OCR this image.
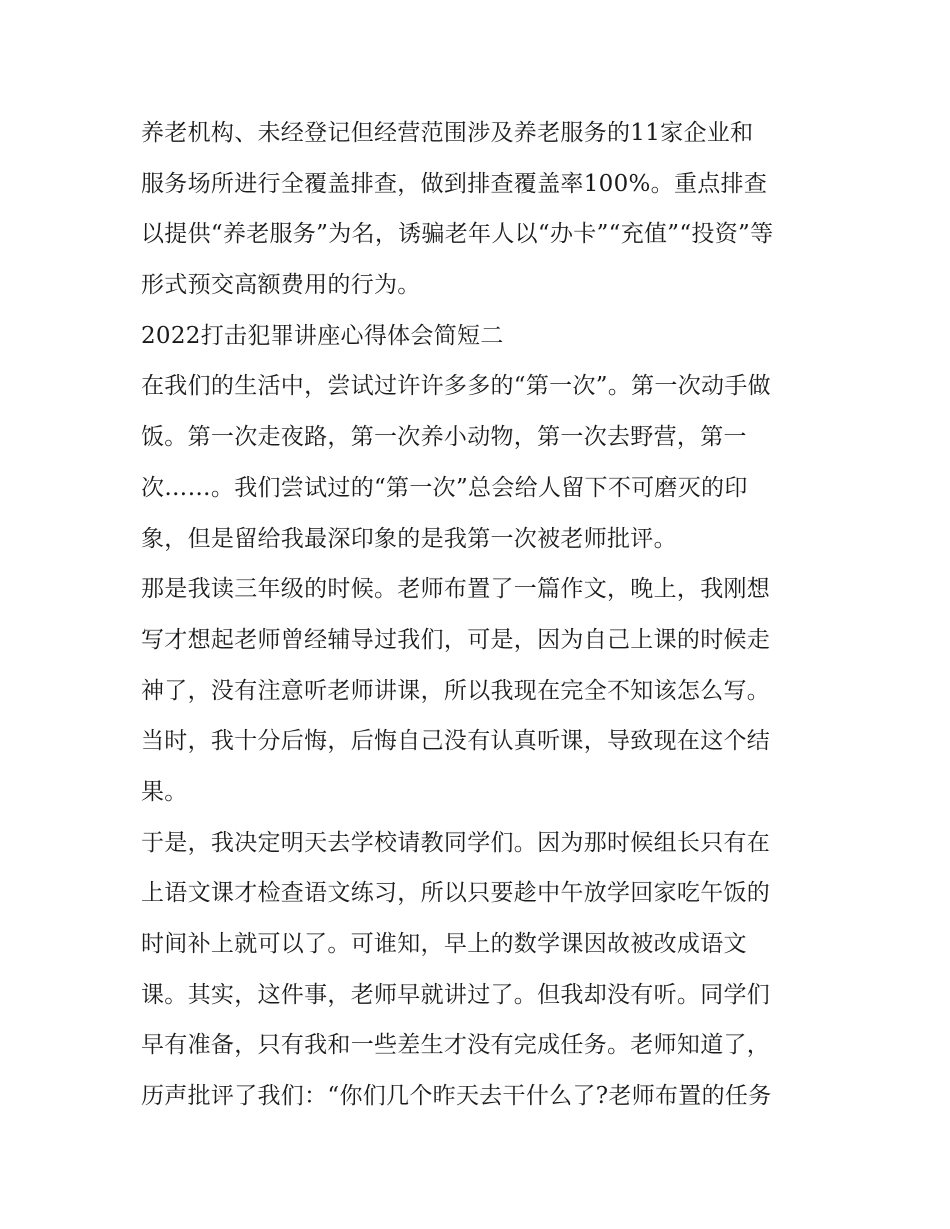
养老机构、未经登记但经营范围涉及养老服务的11家企业和
服务场所进行全覆盖排查，做到排查覆盖率100%。重点排查
以提供“养老服务”为名，诱骗老年人以“办卡”“充值”“投资”等
形式预交高额费用的行为。
2022打击犯罪讲座心得体会简短二
在我们的生活中，尝试过许许多多的“第一次”。第一次动手做
饭。第一次走夜路，第一次养小动物，第一次去野营，第一
次……。我们尝试过的“第一次”总会给人留下不可磨灭的印
象，但是留给我最深印象的是我第一次被老师批评。
那是我读三年级的时候。老师布置了一篇作文，晚上，我刚想
写才想起老师曾经辅导过我们，可是，因为自己上课的时候走
神了，没有注意听老师讲课，所以我现在完全不知该怎么写。
当时，我十分后悔，后悔自己没有认真听课，导致现在这个结
果。
于是，我决定明天去学校请教同学们。因为那时候组长只有在
上语文课才检查语文练习，所以只要趁中午放学回家吃午饭的
时间补上就可以了。可谁知，早上的数学课因故被改成语文
课。其实，这件事，老师早就讲过了。但我却没有听。同学们
早有准备，只有我和一些差生才没有完成任务。老师知道了，
历声批评了我们：“你们几个昨天去干什么了?老师布置的任务
